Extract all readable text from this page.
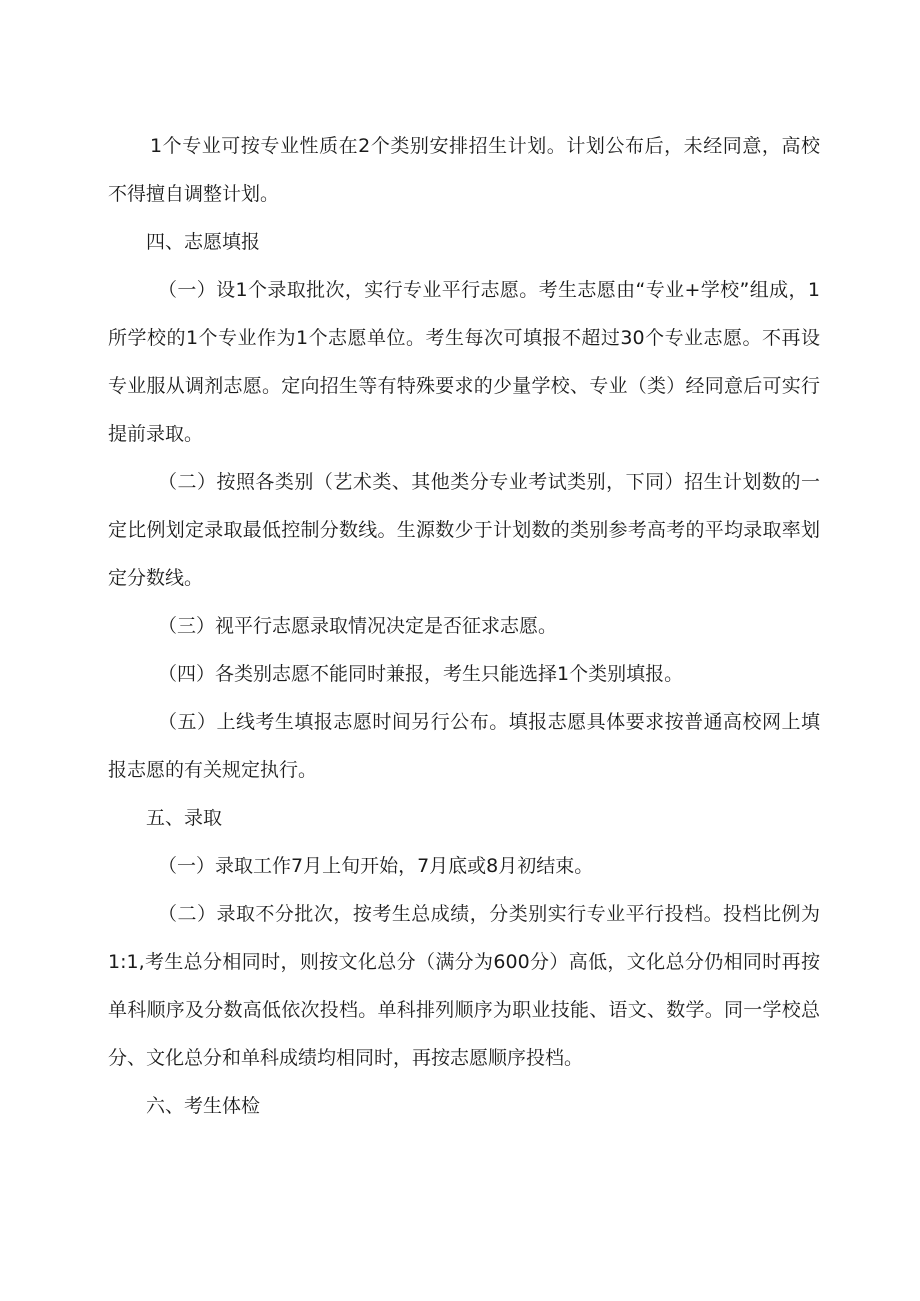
1个专业可按专业性质在2个类别安排招生计划。计划公布后，未经同意，高校不得擅自调整计划。

四、志愿填报

（一）设1个录取批次，实行专业平行志愿。考生志愿由“专业+学校”组成，1所学校的1个专业作为1个志愿单位。考生每次可填报不超过30个专业志愿。不再设专业服从调剂志愿。定向招生等有特殊要求的少量学校、专业（类）经同意后可实行提前录取。

（二）按照各类别（艺术类、其他类分专业考试类别，下同）招生计划数的一定比例划定录取最低控制分数线。生源数少于计划数的类别参考高考的平均录取率划定分数线。

（三）视平行志愿录取情况决定是否征求志愿。

（四）各类别志愿不能同时兼报，考生只能选择1个类别填报。

（五）上线考生填报志愿时间另行公布。填报志愿具体要求按普通高校网上填报志愿的有关规定执行。

五、录取

（一）录取工作7月上旬开始，7月底或8月初结束。

（二）录取不分批次，按考生总成绩，分类别实行专业平行投档。投档比例为1:1,考生总分相同时，则按文化总分（满分为600分）高低，文化总分仍相同时再按单科顺序及分数高低依次投档。单科排列顺序为职业技能、语文、数学。同一学校总分、文化总分和单科成绩均相同时，再按志愿顺序投档。

六、考生体检
